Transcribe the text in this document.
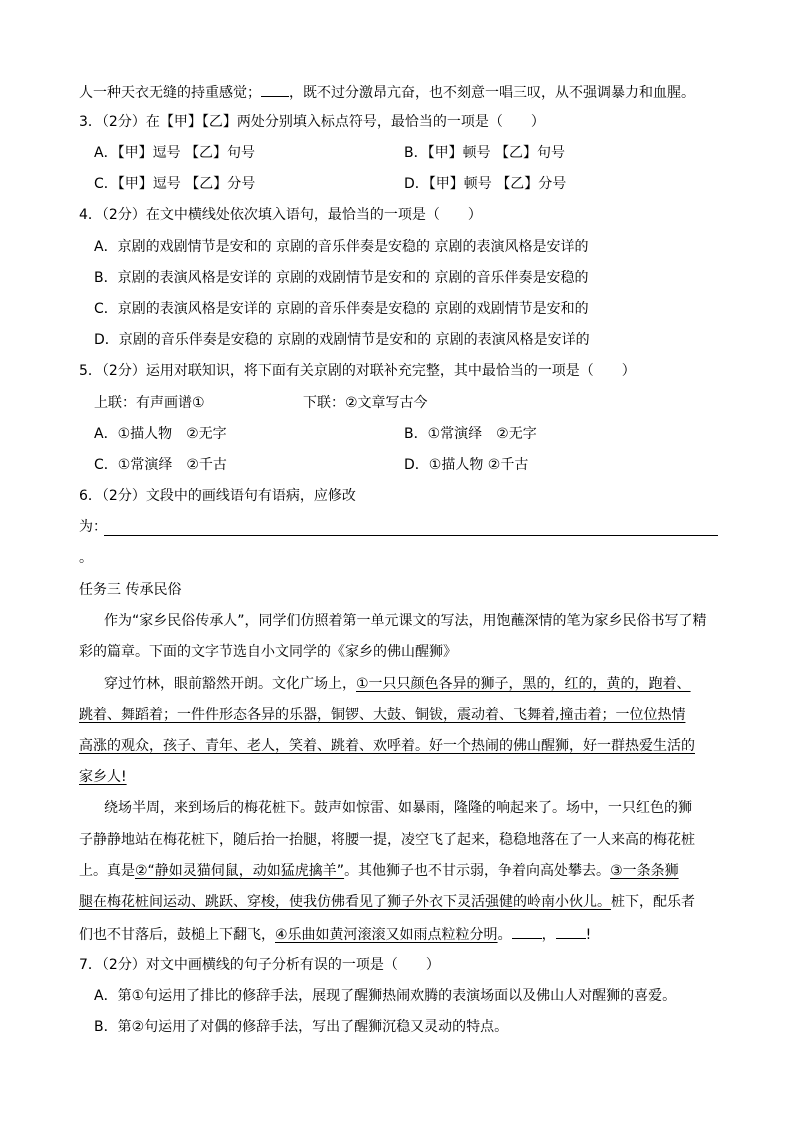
人一种天衣无缝的持重感觉； ，既不过分激昂亢奋，也不刻意一唱三叹，从不强调暴力和血腥。
3．（2分）在【甲】【乙】两处分别填入标点符号，最恰当的一项是（　　）
A．【甲】逗号 【乙】句号	B．【甲】顿号 【乙】句号
C．【甲】逗号 【乙】分号	D．【甲】顿号 【乙】分号
4．（2分）在文中横线处依次填入语句，最恰当的一项是（　　）
A．京剧的戏剧情节是安和的 京剧的音乐伴奏是安稳的 京剧的表演风格是安详的
B．京剧的表演风格是安详的 京剧的戏剧情节是安和的 京剧的音乐伴奏是安稳的
C．京剧的表演风格是安详的 京剧的音乐伴奏是安稳的 京剧的戏剧情节是安和的
D．京剧的音乐伴奏是安稳的 京剧的戏剧情节是安和的 京剧的表演风格是安详的
5．（2分）运用对联知识，将下面有关京剧的对联补充完整，其中最恰当的一项是（　　）
上联：有声画谱①	下联：②文章写古今
A．①描人物　②无字	B．①常演绎　②无字
C．①常演绎　②千古	D．①描人物 ②千古
6．（2分）文段中的画线语句有语病，应修改
为：
。
任务三 传承民俗
作为“家乡民俗传承人”，同学们仿照着第一单元课文的写法，用饱蘸深情的笔为家乡民俗书写了精
彩的篇章。下面的文字节选自小文同学的《家乡的佛山醒狮》
穿过竹林，眼前豁然开朗。文化广场上，①一只只颜色各异的狮子，黑的，红的，黄的，跑着、
跳着、舞蹈着；一件件形态各异的乐器，铜锣、大鼓、铜钹，震动着、飞舞着,撞击着；一位位热情
高涨的观众，孩子、青年、老人，笑着、跳着、欢呼着。好一个热闹的佛山醒狮，好一群热爱生活的
家乡人!
绕场半周，来到场后的梅花桩下。鼓声如惊雷、如暴雨，隆隆的响起来了。场中，一只红色的狮
子静静地站在梅花桩下，随后抬一抬腿，将腰一提，凌空飞了起来，稳稳地落在了一人来高的梅花桩
上。真是②“静如灵猫伺鼠，动如猛虎擒羊”。其他狮子也不甘示弱，争着向高处攀去。③一条条狮
腿在梅花桩间运动、跳跃、穿梭，使我仿佛看见了狮子外衣下灵活强健的岭南小伙儿。桩下，配乐者
们也不甘落后，鼓槌上下翻飞，④乐曲如黄河滚滚又如雨点粒粒分明。 ， !
7．（2分）对文中画横线的句子分析有误的一项是（　　）
A．第①句运用了排比的修辞手法，展现了醒狮热闹欢腾的表演场面以及佛山人对醒狮的喜爱。
B．第②句运用了对偶的修辞手法，写出了醒狮沉稳又灵动的特点。
